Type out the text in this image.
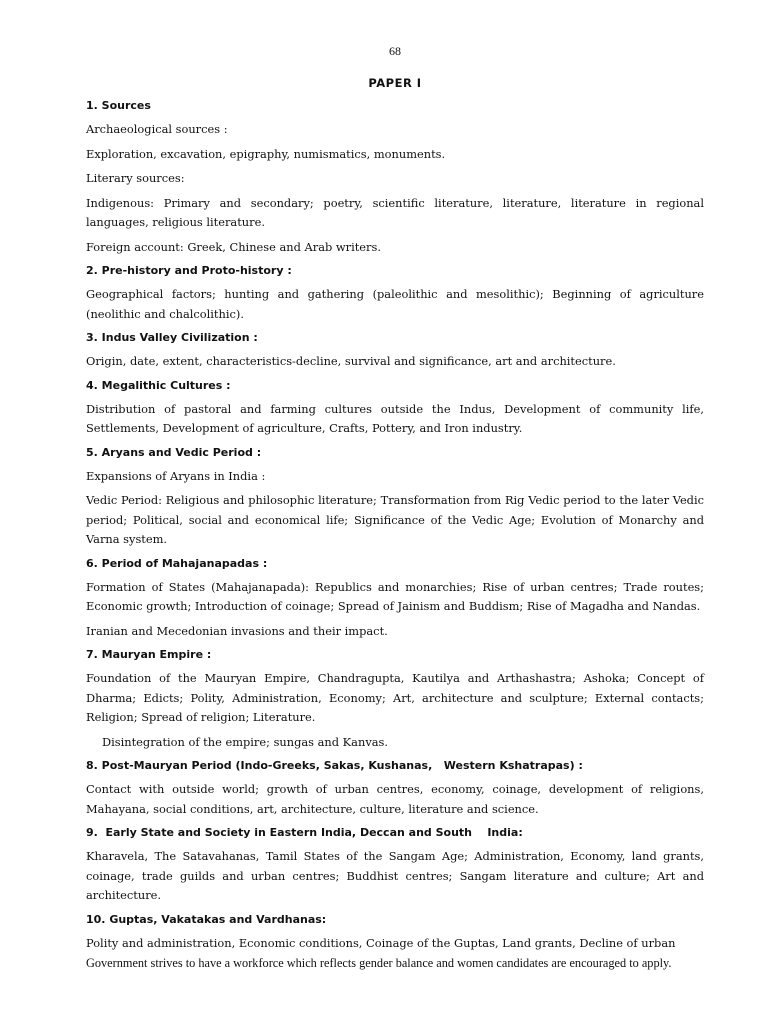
68
PAPER I
1. Sources

Archaeological sources :

Exploration, excavation, epigraphy, numismatics, monuments.

Literary sources:

Indigenous: Primary and secondary; poetry, scientific literature, literature, literature in regional languages, religious literature.

Foreign account: Greek, Chinese and Arab writers.

2. Pre-history and Proto-history :

Geographical factors; hunting and gathering (paleolithic and mesolithic); Beginning of agriculture (neolithic and chalcolithic).

3. Indus Valley Civilization :

Origin, date, extent, characteristics-decline, survival and significance, art and architecture.

4. Megalithic Cultures :

Distribution of pastoral and farming cultures outside the Indus, Development of community life, Settlements, Development of agriculture, Crafts, Pottery, and Iron industry.

5. Aryans and Vedic Period :

Expansions of Aryans in India :

Vedic Period: Religious and philosophic literature; Transformation from Rig Vedic period to the later Vedic period; Political, social and economical life; Significance of the Vedic Age; Evolution of Monarchy and Varna system.

6. Period of Mahajanapadas :

Formation of States (Mahajanapada): Republics and monarchies; Rise of urban centres; Trade routes; Economic growth; Introduction of coinage; Spread of Jainism and Buddism; Rise of Magadha and Nandas.

Iranian and Mecedonian invasions and their impact.

7. Mauryan Empire :

Foundation of the Mauryan Empire, Chandragupta, Kautilya and Arthashastra; Ashoka; Concept of Dharma; Edicts; Polity, Administration, Economy; Art, architecture and sculpture; External contacts; Religion; Spread of religion; Literature.

Disintegration of the empire; sungas and Kanvas.

8. Post-Mauryan Period (Indo-Greeks, Sakas, Kushanas,   Western Kshatrapas) :

Contact with outside world; growth of urban centres, economy, coinage, development of religions, Mahayana, social conditions, art, architecture, culture, literature and science.

9.  Early State and Society in Eastern India, Deccan and South    India:

Kharavela, The Satavahanas, Tamil States of the Sangam Age; Administration, Economy, land grants, coinage, trade guilds and urban centres; Buddhist centres; Sangam literature and culture; Art and architecture.

10. Guptas, Vakatakas and Vardhanas:

Polity and administration, Economic conditions, Coinage of the Guptas, Land grants, Decline of urban

Government strives to have a workforce which reflects gender balance and women candidates are encouraged to apply.
